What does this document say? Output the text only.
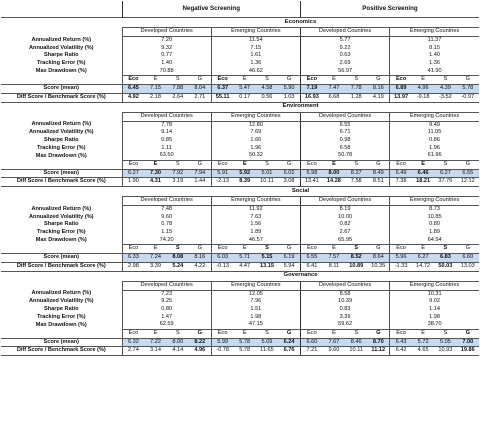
	Negative Screening								Positive Screening							
	Economics															
	Developed Countries				Emerging Countries				Developed Countries				Emerging Countries			
Annualized Return (%)	7.20				11.54				5.77				11.37			
Annualized Volatility (%)	9.32				7.15				9.22				8.15			
Sharpe Ratio	0.77				1.61				0.63				1.40			
Tracking Error (%)	1.40				1.36				2.69				1.36			
Max Drawdown (%)	70.88				46.62				56.97				41.90			
	Eco	E	S	G	Eco	E	S	G	Eco	E	S	G	Eco	E	S	G
Score (mean)	6.45	7.15	7.88	8.04	6.37	5.47	4.58	5.90	7.19	7.47	7.78	8.16	6.89	4.96	4.39	5.78
Diff Score / Benchmark Score (%)	4.92	2.18	2.64	2.71	55.11	0.17	0.56	1.03	16.93	6.68	1.28	4.19	13.97	-9.18	-3.52	-0.97
	Environment															
	Developed Countries				Emerging Countries				Developed Countries				Emerging Countries			
Annualized Return (%)	7.78				12.80				6.55				9.49			
Annualized Volatility (%)	9.14				7.69				6.71				11.05			
Sharpe Ratio	0.85				1.66				0.98				0.86			
Tracking Error (%)	1.11				1.96				6.58				1.96			
Max Drawdown (%)	63.50				50.32				50.78				61.96			
	Eco	E	S	G	Eco	E	S	G	Eco	E	S	G	Eco	E	S	G
Score (mean)	6.27	7.30	7.92	7.94	5.91	5.92	5.01	6.02	6.98	8.00	8.27	8.49	6.49	6.46	6.27	6.55
Diff Score / Benchmark Score (%)	1.90	4.31	3.19	1.44	-2.13	8.39	10.11	3.08	13.41	14.28	7.58	8.51	7.38	18.21	37.76	12.12
	Social															
	Developed Countries				Emerging Countries				Developed Countries				Emerging Countries			
Annualized Return (%)	7.48				11.92				8.19				8.73			
Annualized Volatility (%)	9.60				7.63				10.00				10.85			
Sharpe Ratio	0.78				1.56				0.82				0.80			
Tracking Error (%)	1.15				1.89				2.67				1.89			
Max Drawdown (%)	74.20				46.57				65.95				64.94			
	Eco	E	S	G	Eco	E	S	G	Eco	E	S	G	Eco	E	S	G
Score (mean)	6.33	7.24	8.08	8.16	6.03	5.71	5.15	6.19	6.55	7.57	8.52	8.64	5.96	6.27	6.83	6.60
Diff Score / Benchmark Score (%)	2.98	3.39	5.24	4.22	-0.13	4.47	13.15	5.94	6.41	8.11	10.89	10.35	-1.33	14.72	50.03	13.03
	Governance															
	Developed Countries				Emerging Countries				Developed Countries				Emerging Countries			
Annualized Return (%)	7.23				12.05				8.58				10.31			
Annualized Volatility (%)	9.25				7.96				10.39				9.02			
Sharpe Ratio	0.80				1.51				0.83				1.14			
Tracking Error (%)	1.47				1.98				3.39				1.98			
Max Drawdown (%)	62.59				47.15				59.62				38.70			
	Eco	E	S	G	Eco	E	S	G	Eco	E	S	G	Eco	E	S	G
Score (mean)	6.32	7.22	8.00	8.22	5.99	5.78	5.09	6.24	6.60	7.67	8.46	8.70	6.43	5.72	5.05	7.00
Diff Score / Benchmark Score (%)	2.74	3.14	4.14	4.96	-0.78	5.78	11.65	6.76	7.21	9.60	10.11	11.12	6.42	4.65	10.93	19.86
